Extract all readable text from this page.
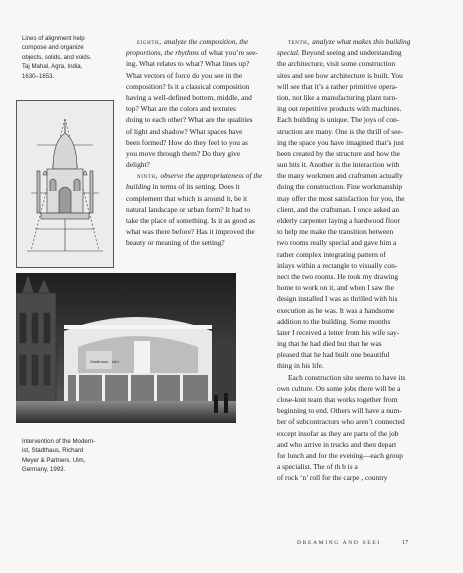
Lines of alignment help
compose and organize
objects, solids, and voids.
Taj Mahal, Agra, India,
1630–1653.
Stadthaus · Ulm
Intervention of the Modern-
ist, Stadthaus, Richard
Meyer & Partners. Ulm,
Germany, 1993.

eighth, analyze the composition, the
proportions, the rhythms of what you’re see-
ing. What relates to what? What lines up?
What vectors of force do you see in the
composition? Is it a classical composition
having a well-defined bottom, middle, and
top? What are the colors and textures
doing to each other? What are the qualities
of light and shadow? What spaces have
been formed? How do they feel to you as
you move through them? Do they give
delight?

ninth, observe the appropriateness of the
building in terms of its setting. Does it
complement that which is around it, be it
natural landscape or urban form? It had to
take the place of something. Is it as good as
what was there before? Has it improved the
beauty or meaning of the setting?

tenth, analyze what makes this building
special. Beyond seeing and understanding
the architecture, visit some construction
sites and see how architecture is built. You
will see that it’s a rather primitive opera-
tion, not like a manufacturing plant turn-
ing out repetitive products with machines.
Each building is unique. The joys of con-
struction are many. One is the thrill of see-
ing the space you have imagined that’s just
been created by the structure and how the
sun hits it. Another is the interaction with
the many workmen and craftsmen actually
doing the construction. Fine workmanship
may offer the most satisfaction for you, the
client, and the craftsman. I once asked an
elderly carpenter laying a hardwood floor
to help me make the transition between
two rooms really special and gave him a
rather complex integrating pattern of
inlays within a rectangle to visually con-
nect the two rooms. He took my drawing
home to work on it, and when I saw the
design installed I was as thrilled with his
execution as he was. It was a handsome
addition to the building. Some months
later I received a letter from his wife say-
ing that he had died but that he was
pleased that he had built one beautiful
thing in his life.

Each construction site seems to have its
own culture. On some jobs there will be a
close-knit team that works together from
beginning to end. Others will have a num-
ber of subcontractors who aren’t connected
except insofar as they are parts of the job
and who arrive in trucks and then depart
for lunch and for the evening—each group
a specialist. The of th b is a
of rock ‘n’ roll for the carpe , country

DREAMING AND SEEI	17
